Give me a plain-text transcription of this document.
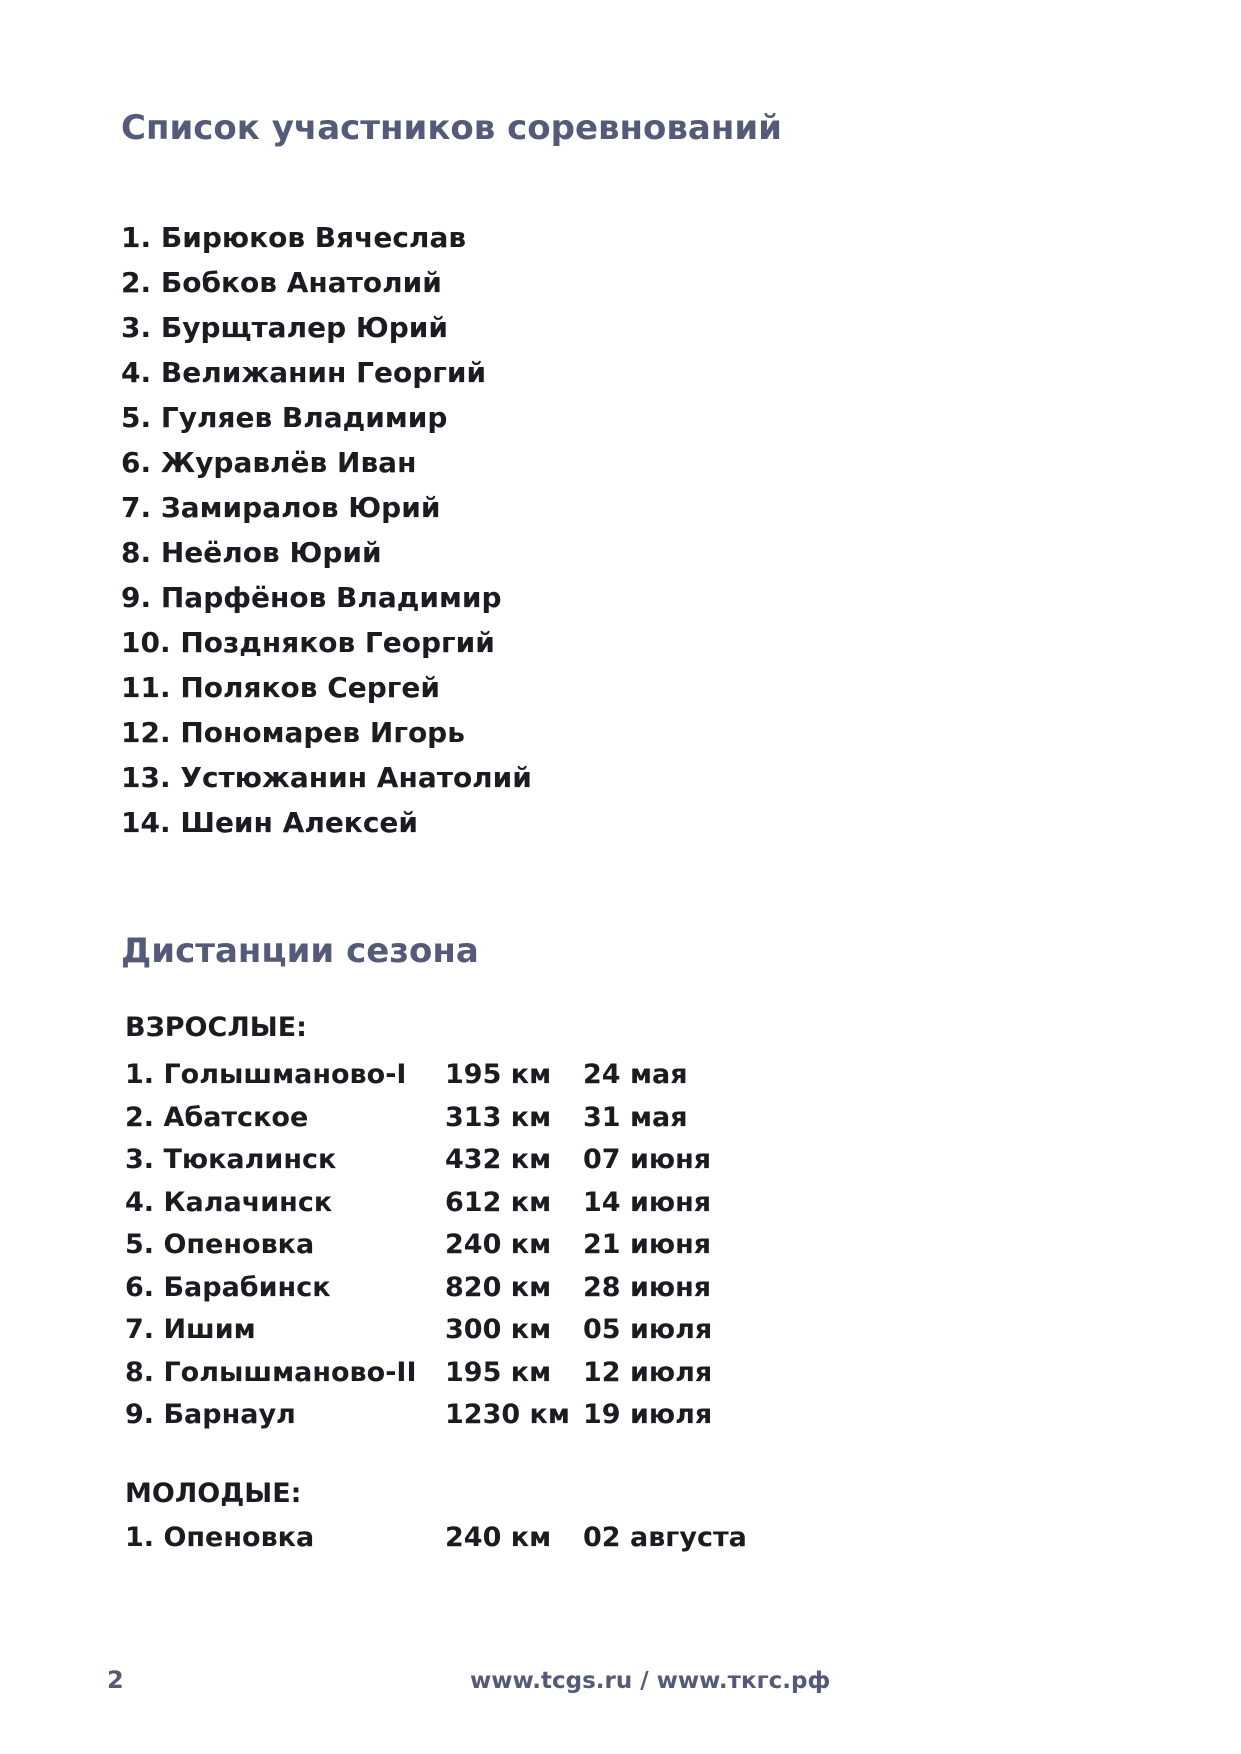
Список участников соревнований
1. Бирюков Вячеслав
2. Бобков Анатолий
3. Бурщталер Юрий
4. Велижанин Георгий
5. Гуляев Владимир
6. Журавлёв Иван
7. Замиралов Юрий
8. Неёлов Юрий
9. Парфёнов Владимир
10. Поздняков Георгий
11. Поляков Сергей
12. Пономарев Игорь
13. Устюжанин Анатолий
14. Шеин Алексей
Дистанции сезона
ВЗРОСЛЫЕ:
1. Голышманово-I 195 км 24 мая
2. Абатское	313 км 31 мая
3. Тюкалинск	432 км 07 июня
4. Калачинск	612 км 14 июня
5. Опеновка	240 км 21 июня
6. Барабинск	820 км 28 июня
7. Ишим	300 км 05 июля
8. Голышманово-II 195 км 12 июля
9. Барнаул	1230 км 19 июля
МОЛОДЫЕ:
1. Опеновка	240 км 02 августа
2	www.tcgs.ru / www.ткгс.рф
